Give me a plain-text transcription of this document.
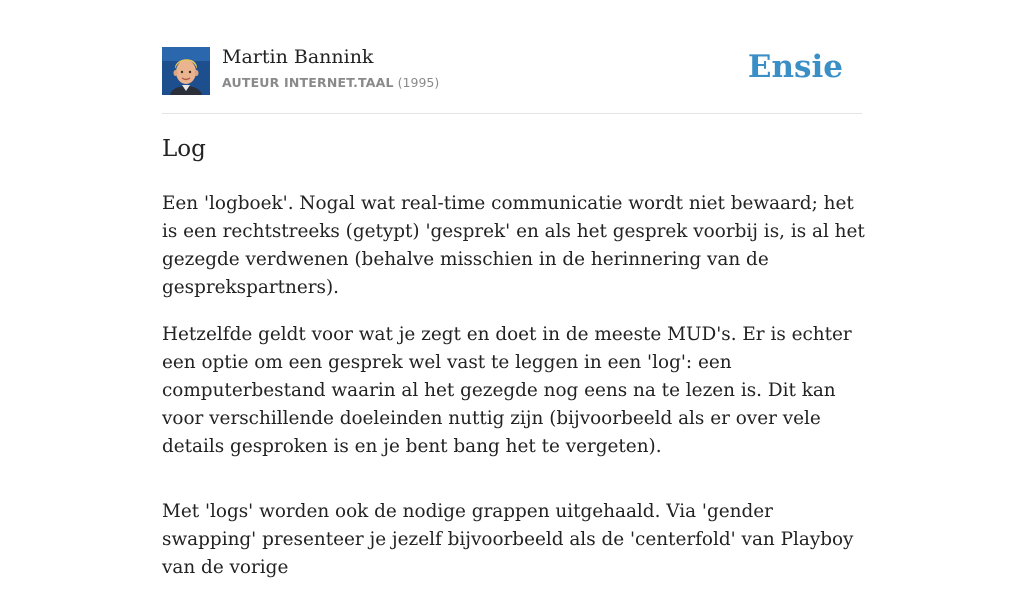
Martin Bannink
AUTEUR INTERNET.TAAL (1995)	Ensie
Log

Een 'logboek'. Nogal wat real-time communicatie wordt niet bewaard; het is een rechtstreeks (getypt) 'gesprek' en als het gesprek voorbij is, is al het gezegde verdwenen (behalve misschien in de herinnering van de gesprekspartners).

Hetzelfde geldt voor wat je zegt en doet in de meeste MUD's. Er is echter een optie om een gesprek wel vast te leggen in een 'log': een computerbestand waarin al het gezegde nog eens na te lezen is. Dit kan voor verschillende doeleinden nuttig zijn (bijvoorbeeld als er over vele details gesproken is en je bent bang het te vergeten).

Met 'logs' worden ook de nodige grappen uitgehaald. Via 'gender swapping' presenteer je jezelf bijvoorbeeld als de 'centerfold' van Playboy van de vorige
